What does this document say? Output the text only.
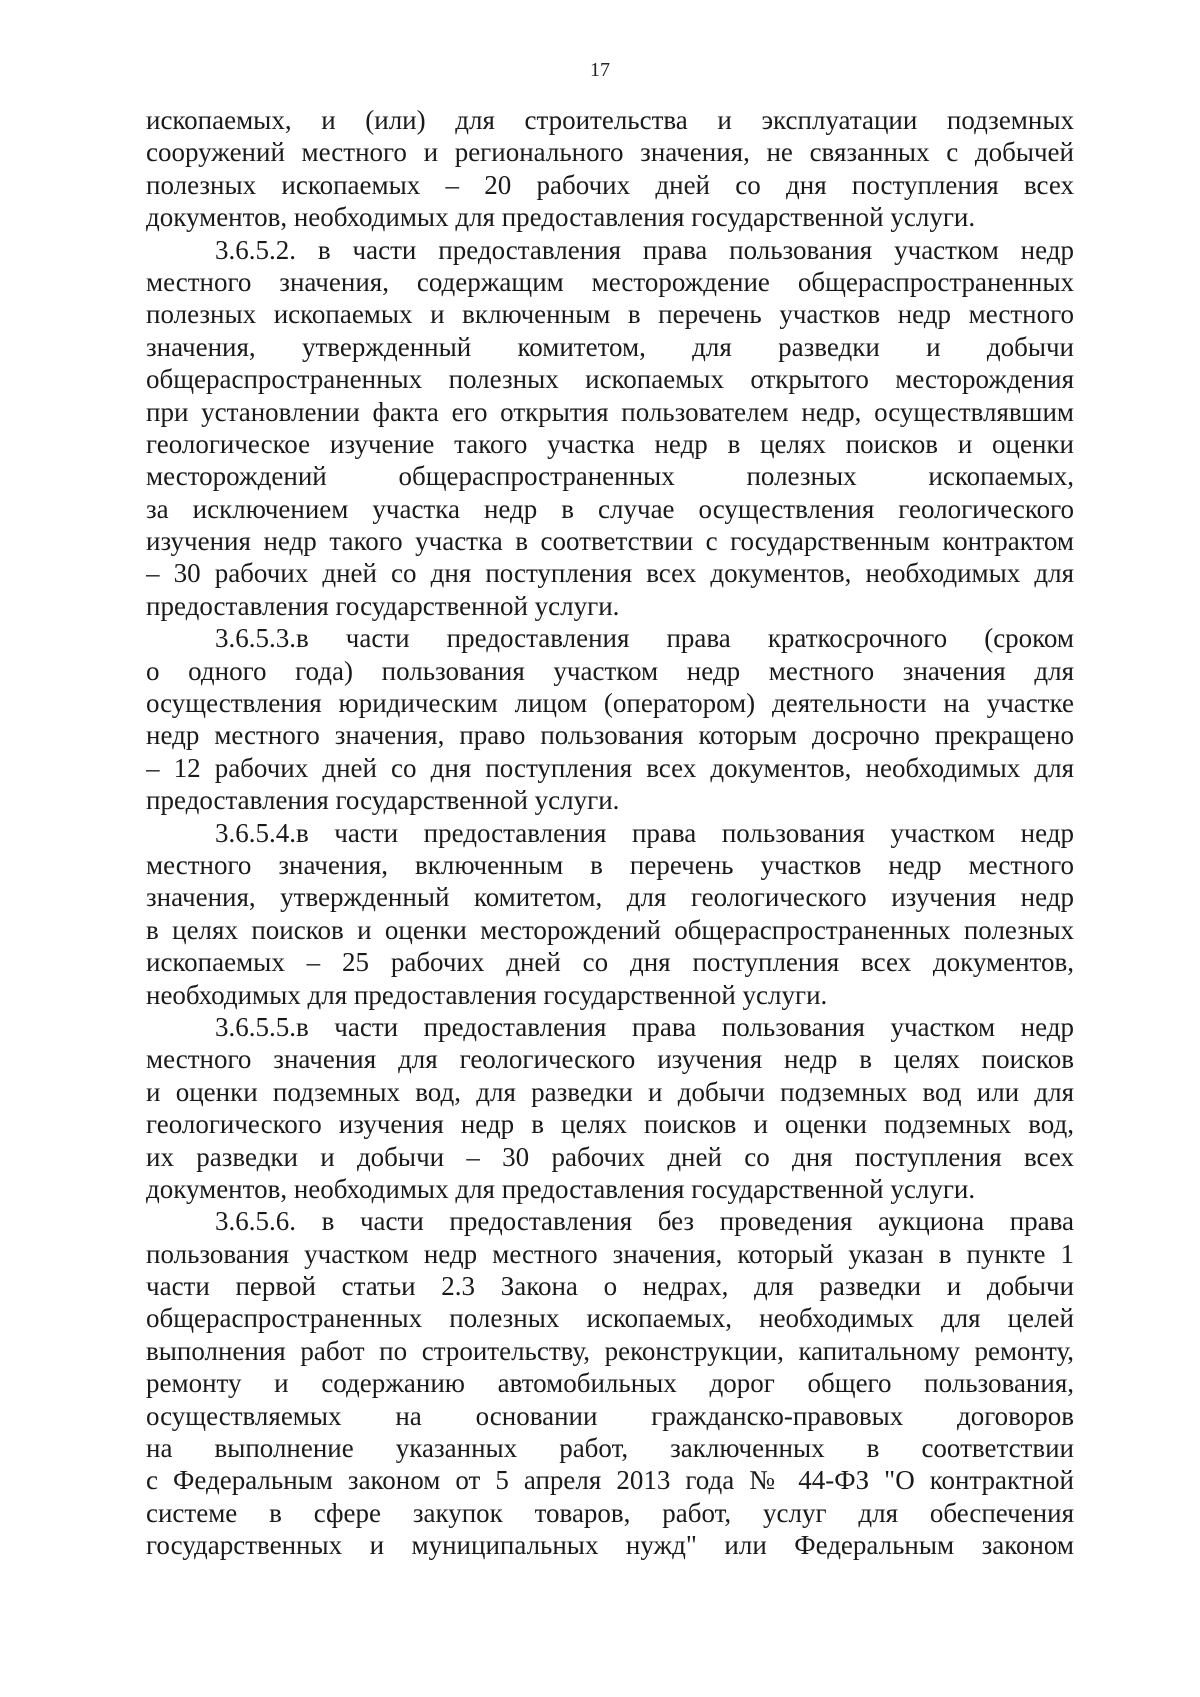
17
ископаемых, и (или) для строительства и эксплуатации подземных
сооружений местного и регионального значения, не связанных с добычей
полезных ископаемых – 20 рабочих дней со дня поступления всех
документов, необходимых для предоставления государственной услуги.
3.6.5.2. в части предоставления права пользования участком недр
местного значения, содержащим месторождение общераспространенных
полезных ископаемых и включенным в перечень участков недр местного
значения, утвержденный комитетом, для разведки и добычи
общераспространенных полезных ископаемых открытого месторождения
при установлении факта его открытия пользователем недр, осуществлявшим
геологическое изучение такого участка недр в целях поисков и оценки
месторождений общераспространенных полезных ископаемых,
за исключением участка недр в случае осуществления геологического
изучения недр такого участка в соответствии с государственным контрактом
– 30 рабочих дней со дня поступления всех документов, необходимых для
предоставления государственной услуги.
3.6.5.3.в части предоставления права краткосрочного (сроком
о одного года) пользования участком недр местного значения для
осуществления юридическим лицом (оператором) деятельности на участке
недр местного значения, право пользования которым досрочно прекращено
– 12 рабочих дней со дня поступления всех документов, необходимых для
предоставления государственной услуги.
3.6.5.4.в части предоставления права пользования участком недр
местного значения, включенным в перечень участков недр местного
значения, утвержденный комитетом, для геологического изучения недр
в целях поисков и оценки месторождений общераспространенных полезных
ископаемых – 25 рабочих дней со дня поступления всех документов,
необходимых для предоставления государственной услуги.
3.6.5.5.в части предоставления права пользования участком недр
местного значения для геологического изучения недр в целях поисков
и оценки подземных вод, для разведки и добычи подземных вод или для
геологического изучения недр в целях поисков и оценки подземных вод,
их разведки и добычи – 30 рабочих дней со дня поступления всех
документов, необходимых для предоставления государственной услуги.
3.6.5.6. в части предоставления без проведения аукциона права
пользования участком недр местного значения, который указан в пункте 1
части первой статьи 2.3 Закона о недрах, для разведки и добычи
общераспространенных полезных ископаемых, необходимых для целей
выполнения работ по строительству, реконструкции, капитальному ремонту,
ремонту и содержанию автомобильных дорог общего пользования,
осуществляемых на основании гражданско-правовых договоров
на выполнение указанных работ, заключенных в соответствии
с Федеральным законом от 5 апреля 2013 года № 44-ФЗ "О контрактной
системе в сфере закупок товаров, работ, услуг для обеспечения
государственных и муниципальных нужд" или Федеральным законом
